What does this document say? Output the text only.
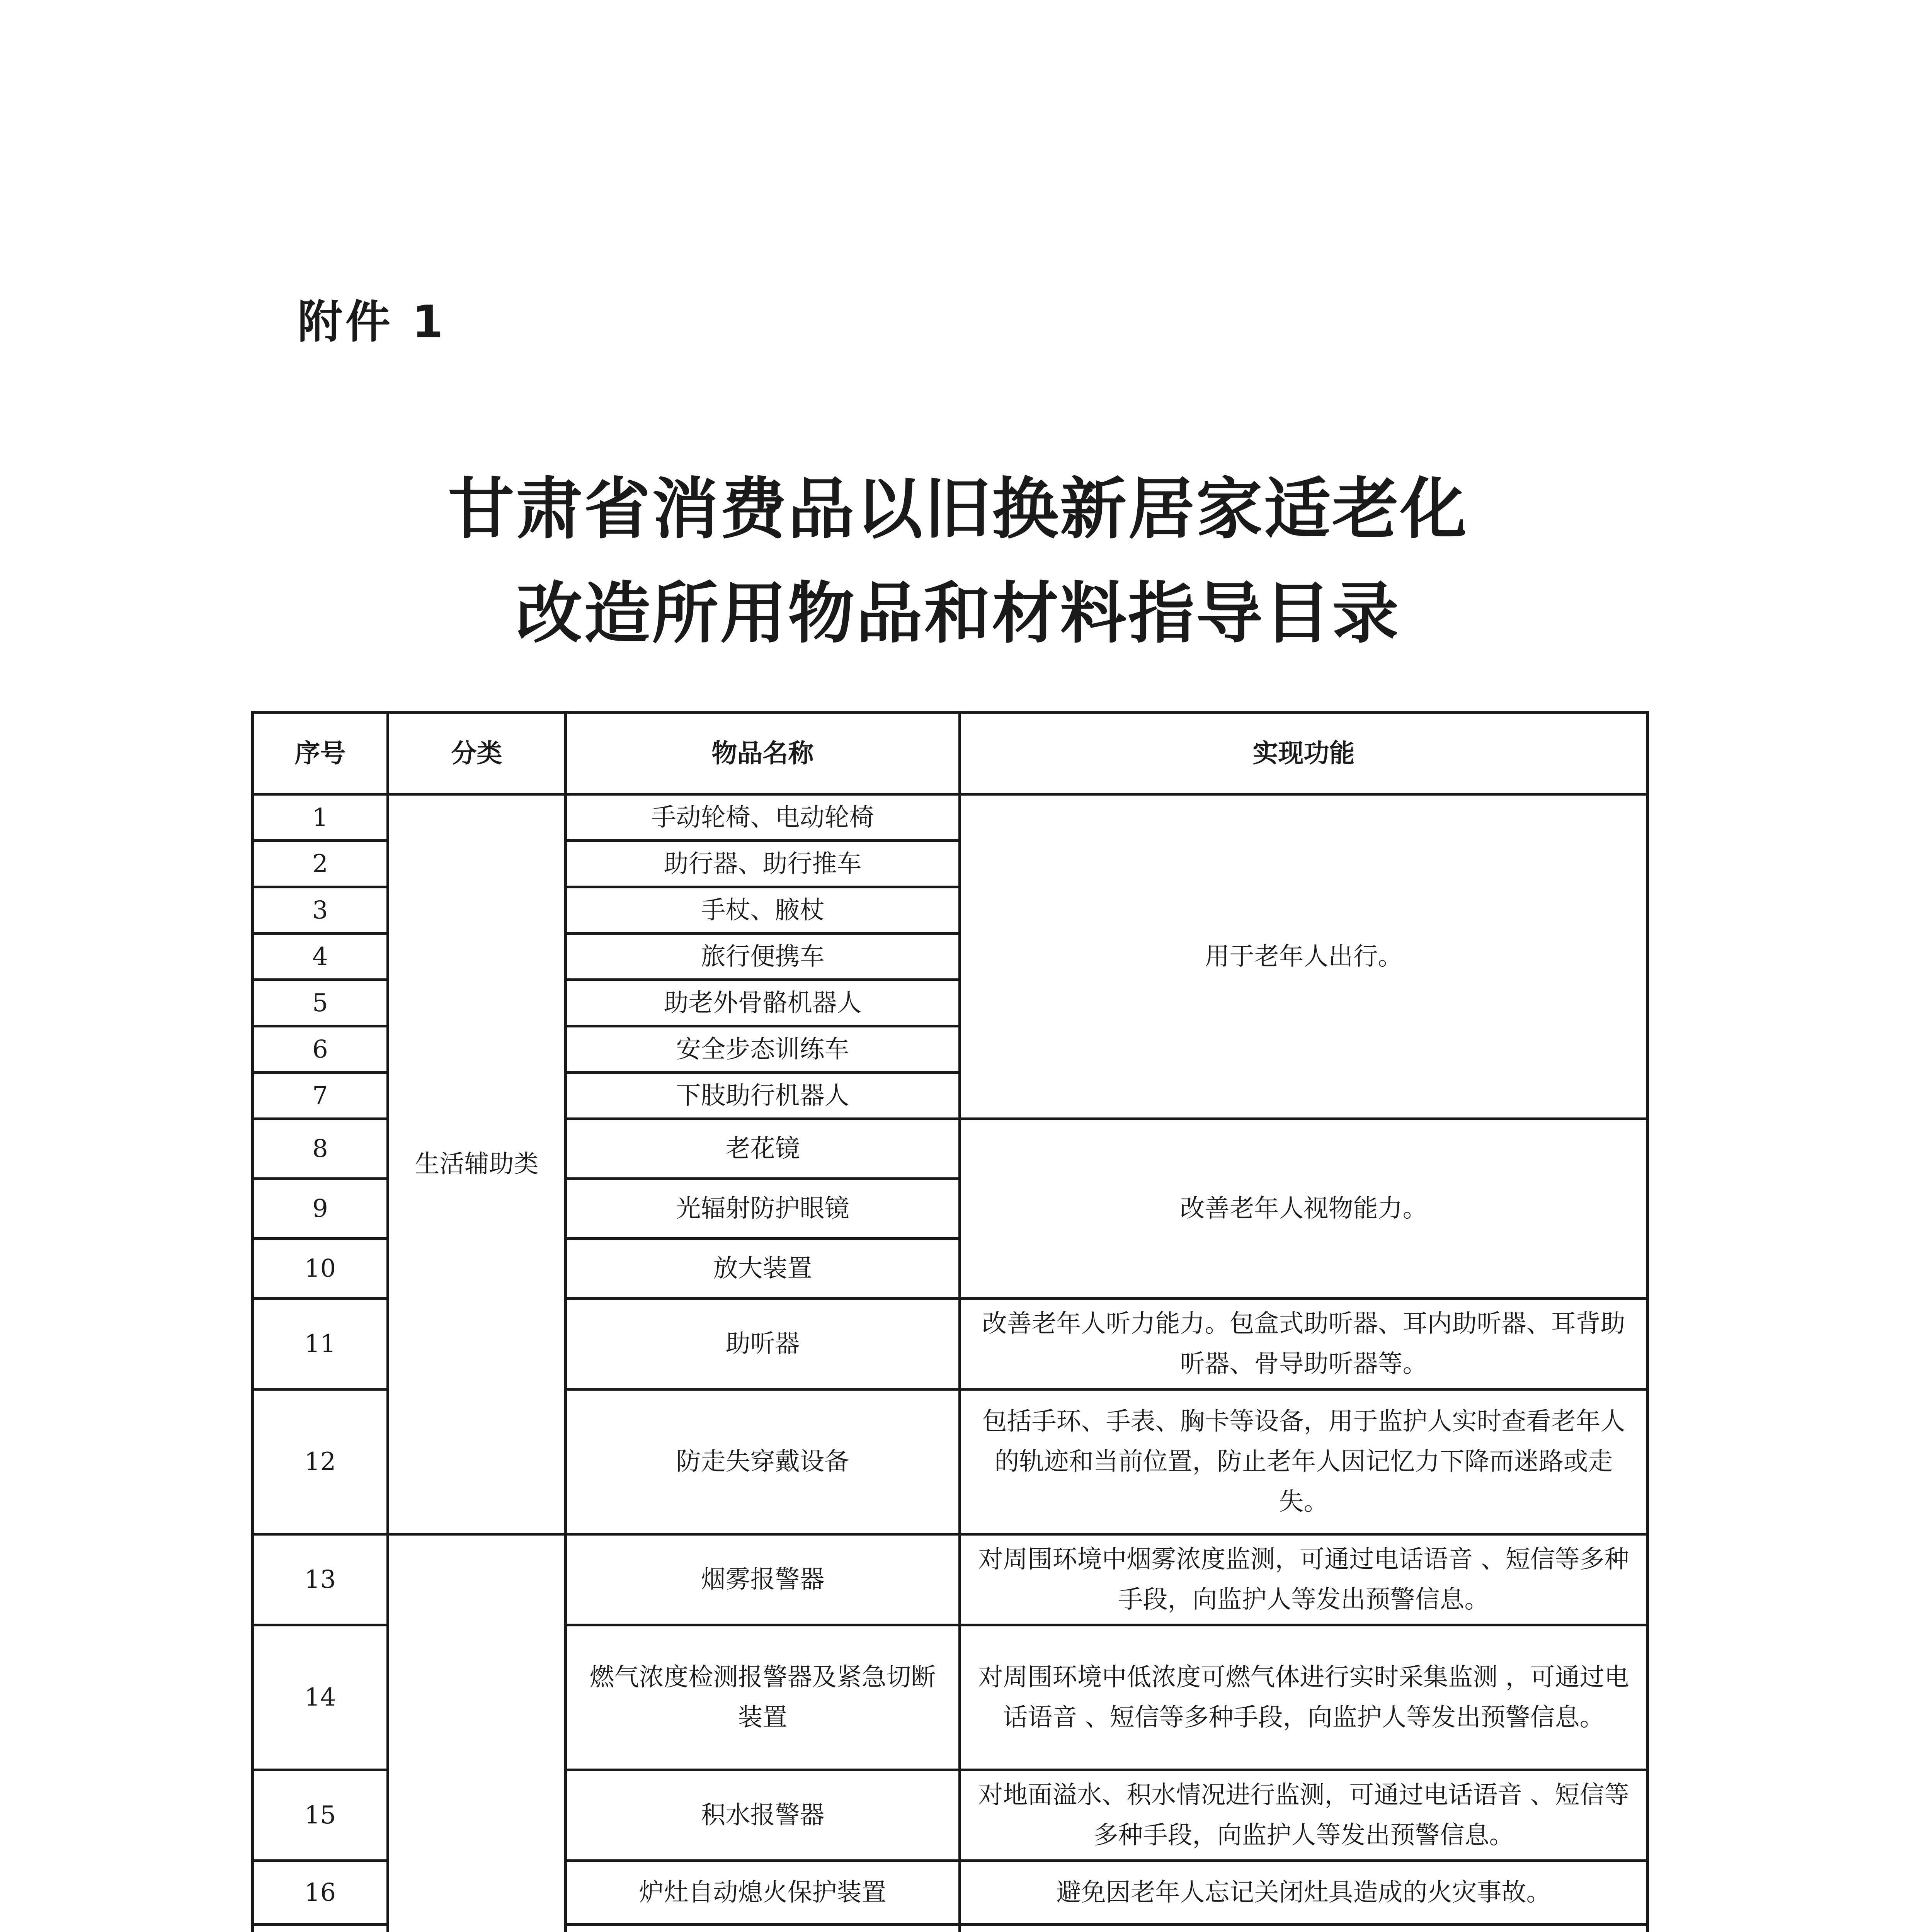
附件 1
甘肃省消费品以旧换新居家适老化
改造所用物品和材料指导目录
序号	分类	物品名称	实现功能
1	生活辅助类	手动轮椅、电动轮椅	用于老年人出行。
2		助行器、助行推车	
3		手杖、腋杖	
4		旅行便携车	
5		助老外骨骼机器人	
6		安全步态训练车	
7		下肢助行机器人	
8		老花镜	改善老年人视物能力。
9		光辐射防护眼镜	
10		放大装置	
11		助听器	改善老年人听力能力。包盒式助听器、耳内助听器、耳背助听器、骨导助听器等。
12		防走失穿戴设备	包括手环、手表、胸卡等设备，用于监护人实时查看老年人的轨迹和当前位置，防止老年人因记忆力下降而迷路或走失。
13		烟雾报警器	对周围环境中烟雾浓度监测，可通过电话语音 、短信等多种手段，向监护人等发出预警信息。
14		燃气浓度检测报警器及紧急切断装置	对周围环境中低浓度可燃气体进行实时采集监测 ，可通过电话语音 、短信等多种手段，向监护人等发出预警信息。
15		积水报警器	对地面溢水、积水情况进行监测，可通过电话语音 、短信等多种手段，向监护人等发出预警信息。
16		炉灶自动熄火保护装置	避免因老年人忘记关闭灶具造成的火灾事故。
